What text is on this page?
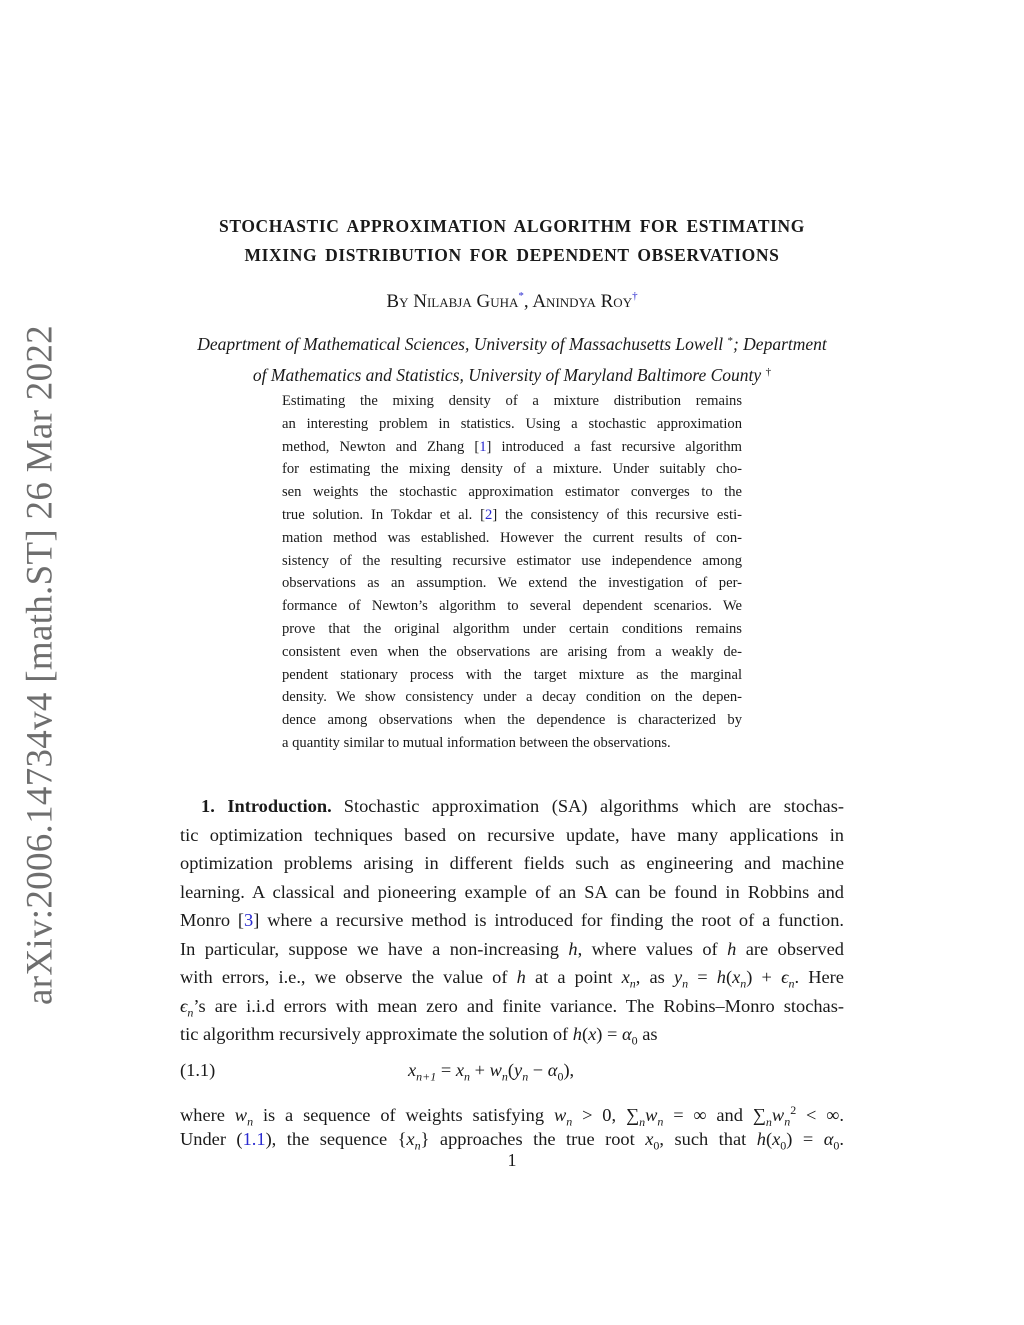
arXiv:2006.14734v4 [math.ST] 26 Mar 2022
STOCHASTIC APPROXIMATION ALGORITHM FOR ESTIMATING
MIXING DISTRIBUTION FOR DEPENDENT OBSERVATIONS
By Nilabja Guha*, Anindya Roy†
Deaprtment of Mathematical Sciences, University of Massachusetts Lowell *; Department
of Mathematics and Statistics, University of Maryland Baltimore County †
Estimating the mixing density of a mixture distribution remains
an interesting problem in statistics. Using a stochastic approximation
method, Newton and Zhang [1] introduced a fast recursive algorithm
for estimating the mixing density of a mixture. Under suitably cho-
sen weights the stochastic approximation estimator converges to the
true solution. In Tokdar et al. [2] the consistency of this recursive esti-
mation method was established. However the current results of con-
sistency of the resulting recursive estimator use independence among
observations as an assumption. We extend the investigation of per-
formance of Newton’s algorithm to several dependent scenarios. We
prove that the original algorithm under certain conditions remains
consistent even when the observations are arising from a weakly de-
pendent stationary process with the target mixture as the marginal
density. We show consistency under a decay condition on the depen-
dence among observations when the dependence is characterized by
a quantity similar to mutual information between the observations.
1. Introduction. Stochastic approximation (SA) algorithms which are stochas-
tic optimization techniques based on recursive update, have many applications in
optimization problems arising in different fields such as engineering and machine
learning. A classical and pioneering example of an SA can be found in Robbins and
Monro [3] where a recursive method is introduced for finding the root of a function.
In particular, suppose we have a non-increasing h, where values of h are observed
with errors, i.e., we observe the value of h at a point $x_n$, as $y_n = h(x_n) + \epsilon_n$. Here
$\epsilon_n’s$ are i.i.d errors with mean zero and finite variance. The Robins–Monro stochas-
tic algorithm recursively approximate the solution of $h(x) = \alpha_0$ as
(1.1)	$x_{n+1} = x_n + w_n(y_n - \alpha_0)$,
where $w_n$ is a sequence of weights satisfying $w_n > 0$, $\sum_nw_n$ = ∞ and $\sum_nw_n^2$ < ∞.
Under (1.1), the sequence $\{x_n\}$ approaches the true root $x_0$, such that $h(x_0) = \alpha_0$.
1
